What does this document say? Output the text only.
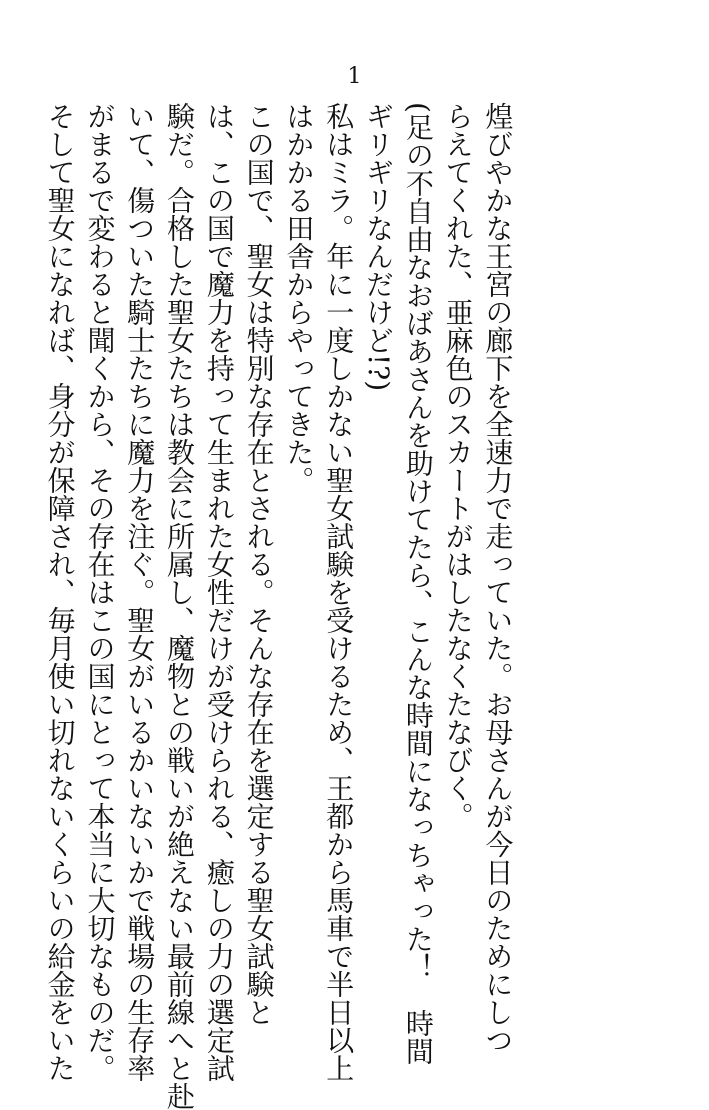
1

煌びやかな王宮の廊下を全速力で走っていた。お母さんが今日のためにしつ
らえてくれた、亜麻色のスカートがはしたなくたなびく。
(足の不自由なおばあさんを助けてたら、こんな時間になっちゃった！　時間
ギリギリなんだけど!?)
私はミラ。年に一度しかない聖女試験を受けるため、王都から馬車で半日以上
はかかる田舎からやってきた。
この国で、聖女は特別な存在とされる。そんな存在を選定する聖女試験と
は、この国で魔力を持って生まれた女性だけが受けられる、癒しの力の選定試
験だ。合格した聖女たちは教会に所属し、魔物との戦いが絶えない最前線へと赴
いて、傷ついた騎士たちに魔力を注ぐ。聖女がいるかいないかで戦場の生存率
がまるで変わると聞くから、その存在はこの国にとって本当に大切なものだ。
そして聖女になれば、身分が保障され、毎月使い切れないくらいの給金をいた
